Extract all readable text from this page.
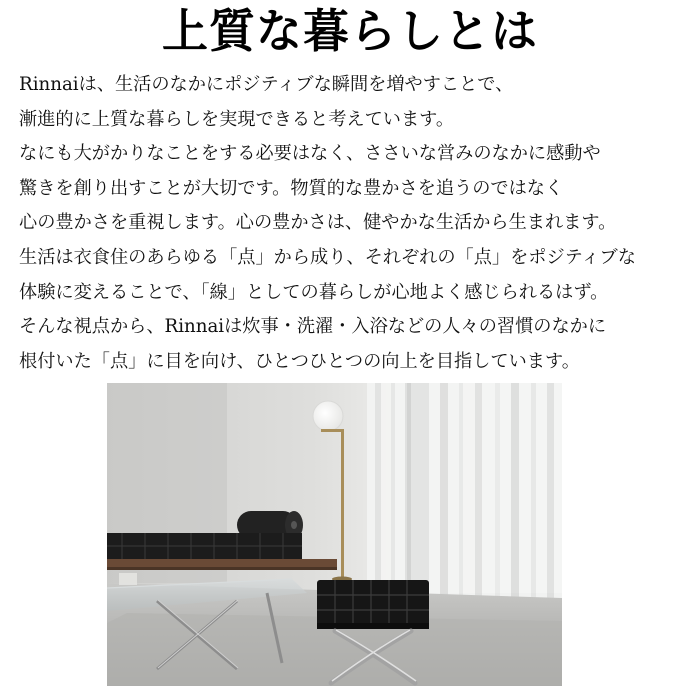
上質な暮らしとは
Rinnaiは、生活のなかにポジティブな瞬間を増やすことで、
漸進的に上質な暮らしを実現できると考えています。
なにも大がかりなことをする必要はなく、ささいな営みのなかに感動や
驚きを創り出すことが大切です。物質的な豊かさを追うのではなく
心の豊かさを重視します。心の豊かさは、健やかな生活から生まれます。
生活は衣食住のあらゆる「点」から成り、それぞれの「点」をポジティブな
体験に変えることで、「線」としての暮らしが心地よく感じられるはず。
そんな視点から、Rinnaiは炊事・洗濯・入浴などの人々の習慣のなかに
根付いた「点」に目を向け、ひとつひとつの向上を目指しています。
